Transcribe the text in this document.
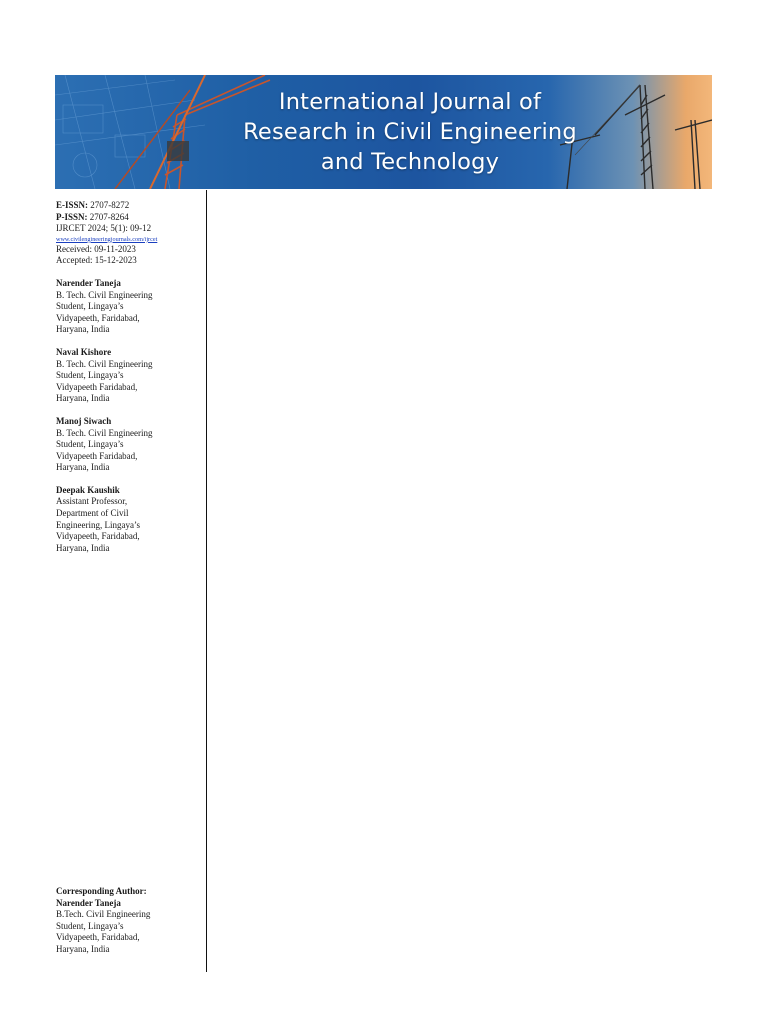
International Journal of
Research in Civil Engineering
and Technology
E-ISSN: 2707-8272
P-ISSN: 2707-8264
IJRCET 2024; 5(1): 09-12
www.civilengineeringjournals.com/ijrcet
Received: 09-11-2023
Accepted: 15-12-2023
Narender Taneja
B. Tech. Civil Engineering
Student, Lingaya’s
Vidyapeeth, Faridabad,
Haryana, India
Naval Kishore
B. Tech. Civil Engineering
Student, Lingaya’s
Vidyapeeth Faridabad,
Haryana, India
Manoj Siwach
B. Tech. Civil Engineering
Student, Lingaya’s
Vidyapeeth Faridabad,
Haryana, India
Deepak Kaushik
Assistant Professor,
Department of Civil
Engineering, Lingaya’s
Vidyapeeth, Faridabad,
Haryana, India
Corresponding Author:
Narender Taneja
B.Tech. Civil Engineering
Student, Lingaya’s
Vidyapeeth, Faridabad,
Haryana, India
